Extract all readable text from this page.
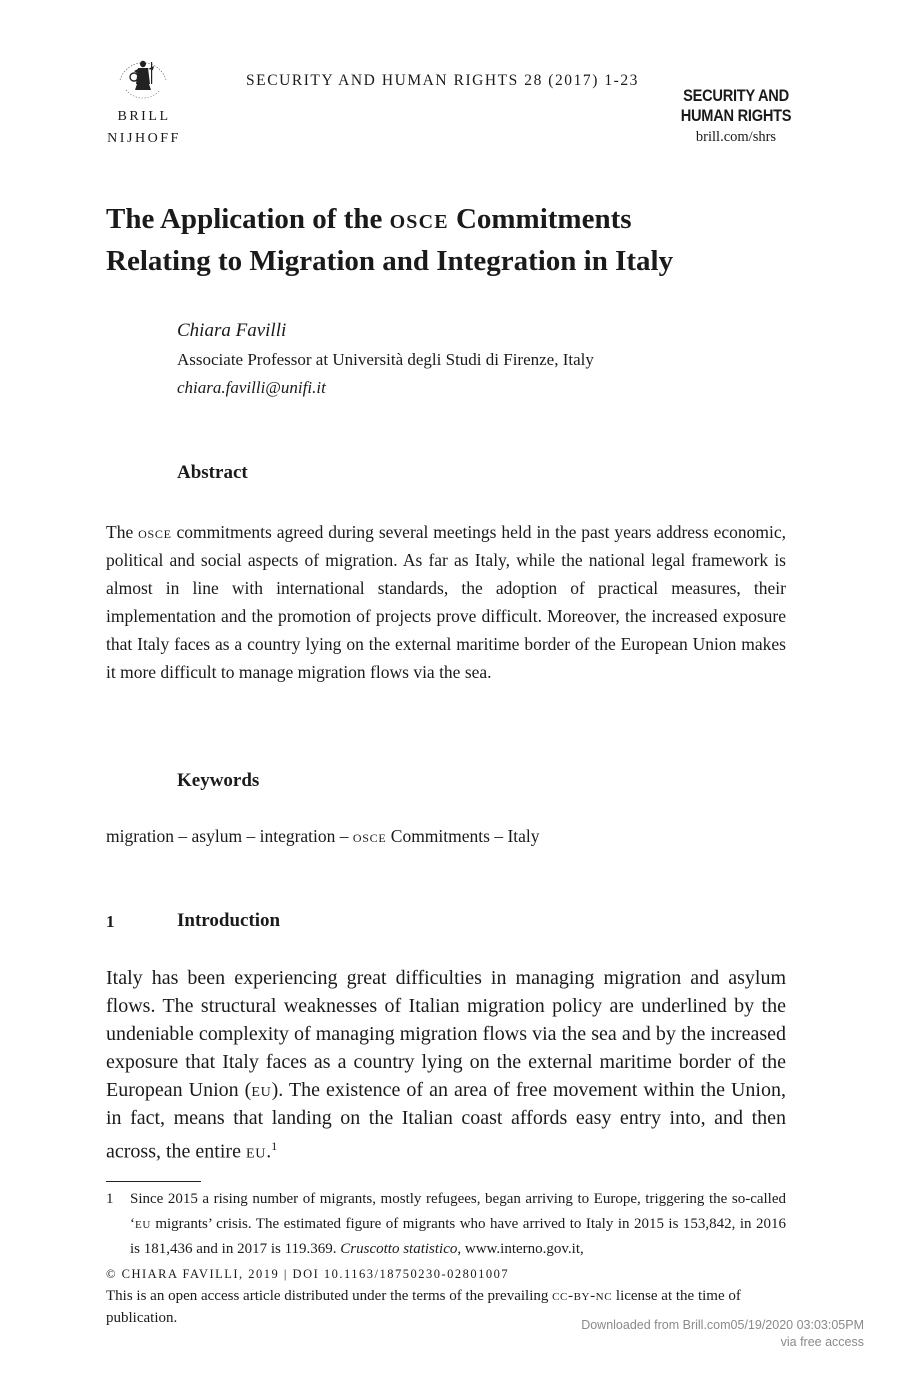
BRILL
NIJHOFF
SECURITY AND HUMAN RIGHTS 28 (2017) 1-23
SECURITY AND
HUMAN RIGHTS
brill.com/shrs
The Application of the osce Commitments
Relating to Migration and Integration in Italy
Chiara Favilli
Associate Professor at Università degli Studi di Firenze, Italy
chiara.favilli@unifi.it
Abstract
The osce commitments agreed during several meetings held in the past years address economic, political and social aspects of migration. As far as Italy, while the national legal framework is almost in line with international standards, the adoption of practical measures, their implementation and the promotion of projects prove difficult. Moreover, the increased exposure that Italy faces as a country lying on the external maritime border of the European Union makes it more difficult to manage migration flows via the sea.
Keywords
migration – asylum – integration – osce Commitments – Italy
1	Introduction
Italy has been experiencing great difficulties in managing migration and asylum flows. The structural weaknesses of Italian migration policy are underlined by the undeniable complexity of managing migration flows via the sea and by the increased exposure that Italy faces as a country lying on the external maritime border of the European Union (eu). The existence of an area of free movement within the Union, in fact, means that landing on the Italian coast affords easy entry into, and then across, the entire eu.$^1$
1 Since 2015 a rising number of migrants, mostly refugees, began arriving to Europe, triggering the so-called ‘eu migrants’ crisis. The estimated figure of migrants who have arrived to Italy in 2015 is 153,842, in 2016 is 181,436 and in 2017 is 119.369. Cruscotto statistico, www.interno.gov.it,
© CHIARA FAVILLI, 2019 | DOI 10.1163/18750230-02801007
This is an open access article distributed under the terms of the prevailing cc-by-nc license at the time of publication.	Downloaded from Brill.com05/19/2020 03:03:05PM
via free access
